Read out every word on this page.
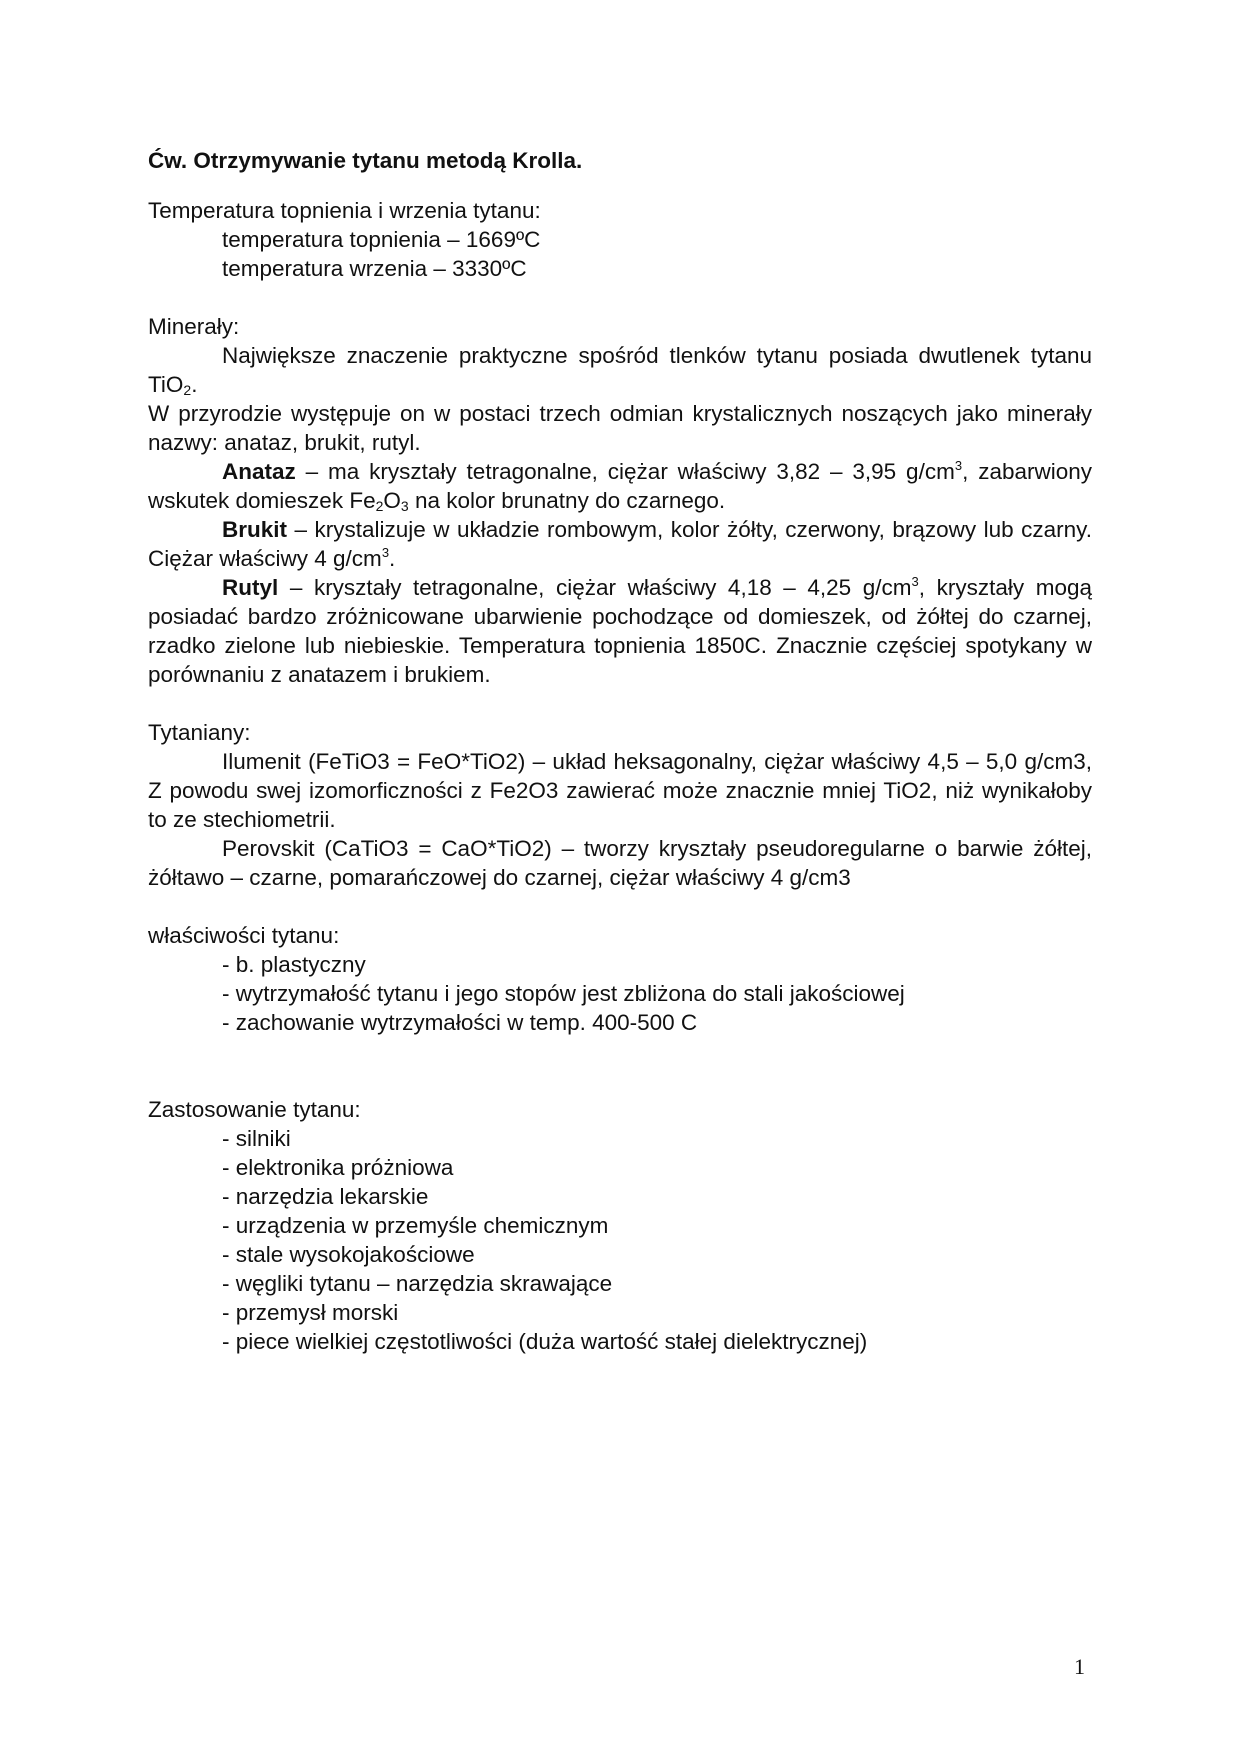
Ćw. Otrzymywanie tytanu metodą Krolla.

Temperatura topnienia i wrzenia tytanu:

temperatura topnienia – 1669ºC

temperatura wrzenia – 3330ºC

Minerały:

Największe znaczenie praktyczne spośród tlenków tytanu posiada dwutlenek tytanu TiO$_2$.

W przyrodzie występuje on w postaci trzech odmian krystalicznych noszących jako minerały nazwy: anataz, brukit, rutyl.

Anataz – ma kryształy tetragonalne, ciężar właściwy 3,82 – 3,95 $g/cm^3$, zabarwiony wskutek domieszek $Fe_2O_3$ na kolor brunatny do czarnego.

Brukit – krystalizuje w układzie rombowym, kolor żółty, czerwony, brązowy lub czarny. Ciężar właściwy 4 $g/cm^3$.

Rutyl – kryształy tetragonalne, ciężar właściwy 4,18 – 4,25 $g/cm^3$, kryształy mogą posiadać bardzo zróżnicowane ubarwienie pochodzące od domieszek, od żółtej do czarnej, rzadko zielone lub niebieskie. Temperatura topnienia 1850C. Znacznie częściej spotykany w porównaniu z anatazem i brukiem.

Tytaniany:

Ilumenit (FeTiO3 = FeO*TiO2) – układ heksagonalny, ciężar właściwy 4,5 – 5,0 g/cm3, Z powodu swej izomorficzności z Fe2O3 zawierać może znacznie mniej TiO2, niż wynikałoby to ze stechiometrii.

Perovskit (CaTiO3 = CaO*TiO2) – tworzy kryształy pseudoregularne o barwie żółtej, żółtawo – czarne, pomarańczowej do czarnej, ciężar właściwy 4 g/cm3

właściwości tytanu:

- b. plastyczny

- wytrzymałość tytanu i jego stopów jest zbliżona do stali jakościowej

- zachowanie wytrzymałości w temp. 400-500 C

Zastosowanie tytanu:

- silniki

- elektronika próżniowa

- narzędzia lekarskie

- urządzenia w przemyśle chemicznym

- stale wysokojakościowe

- węgliki tytanu – narzędzia skrawające

- przemysł morski

- piece wielkiej częstotliwości (duża wartość stałej dielektrycznej)

1
